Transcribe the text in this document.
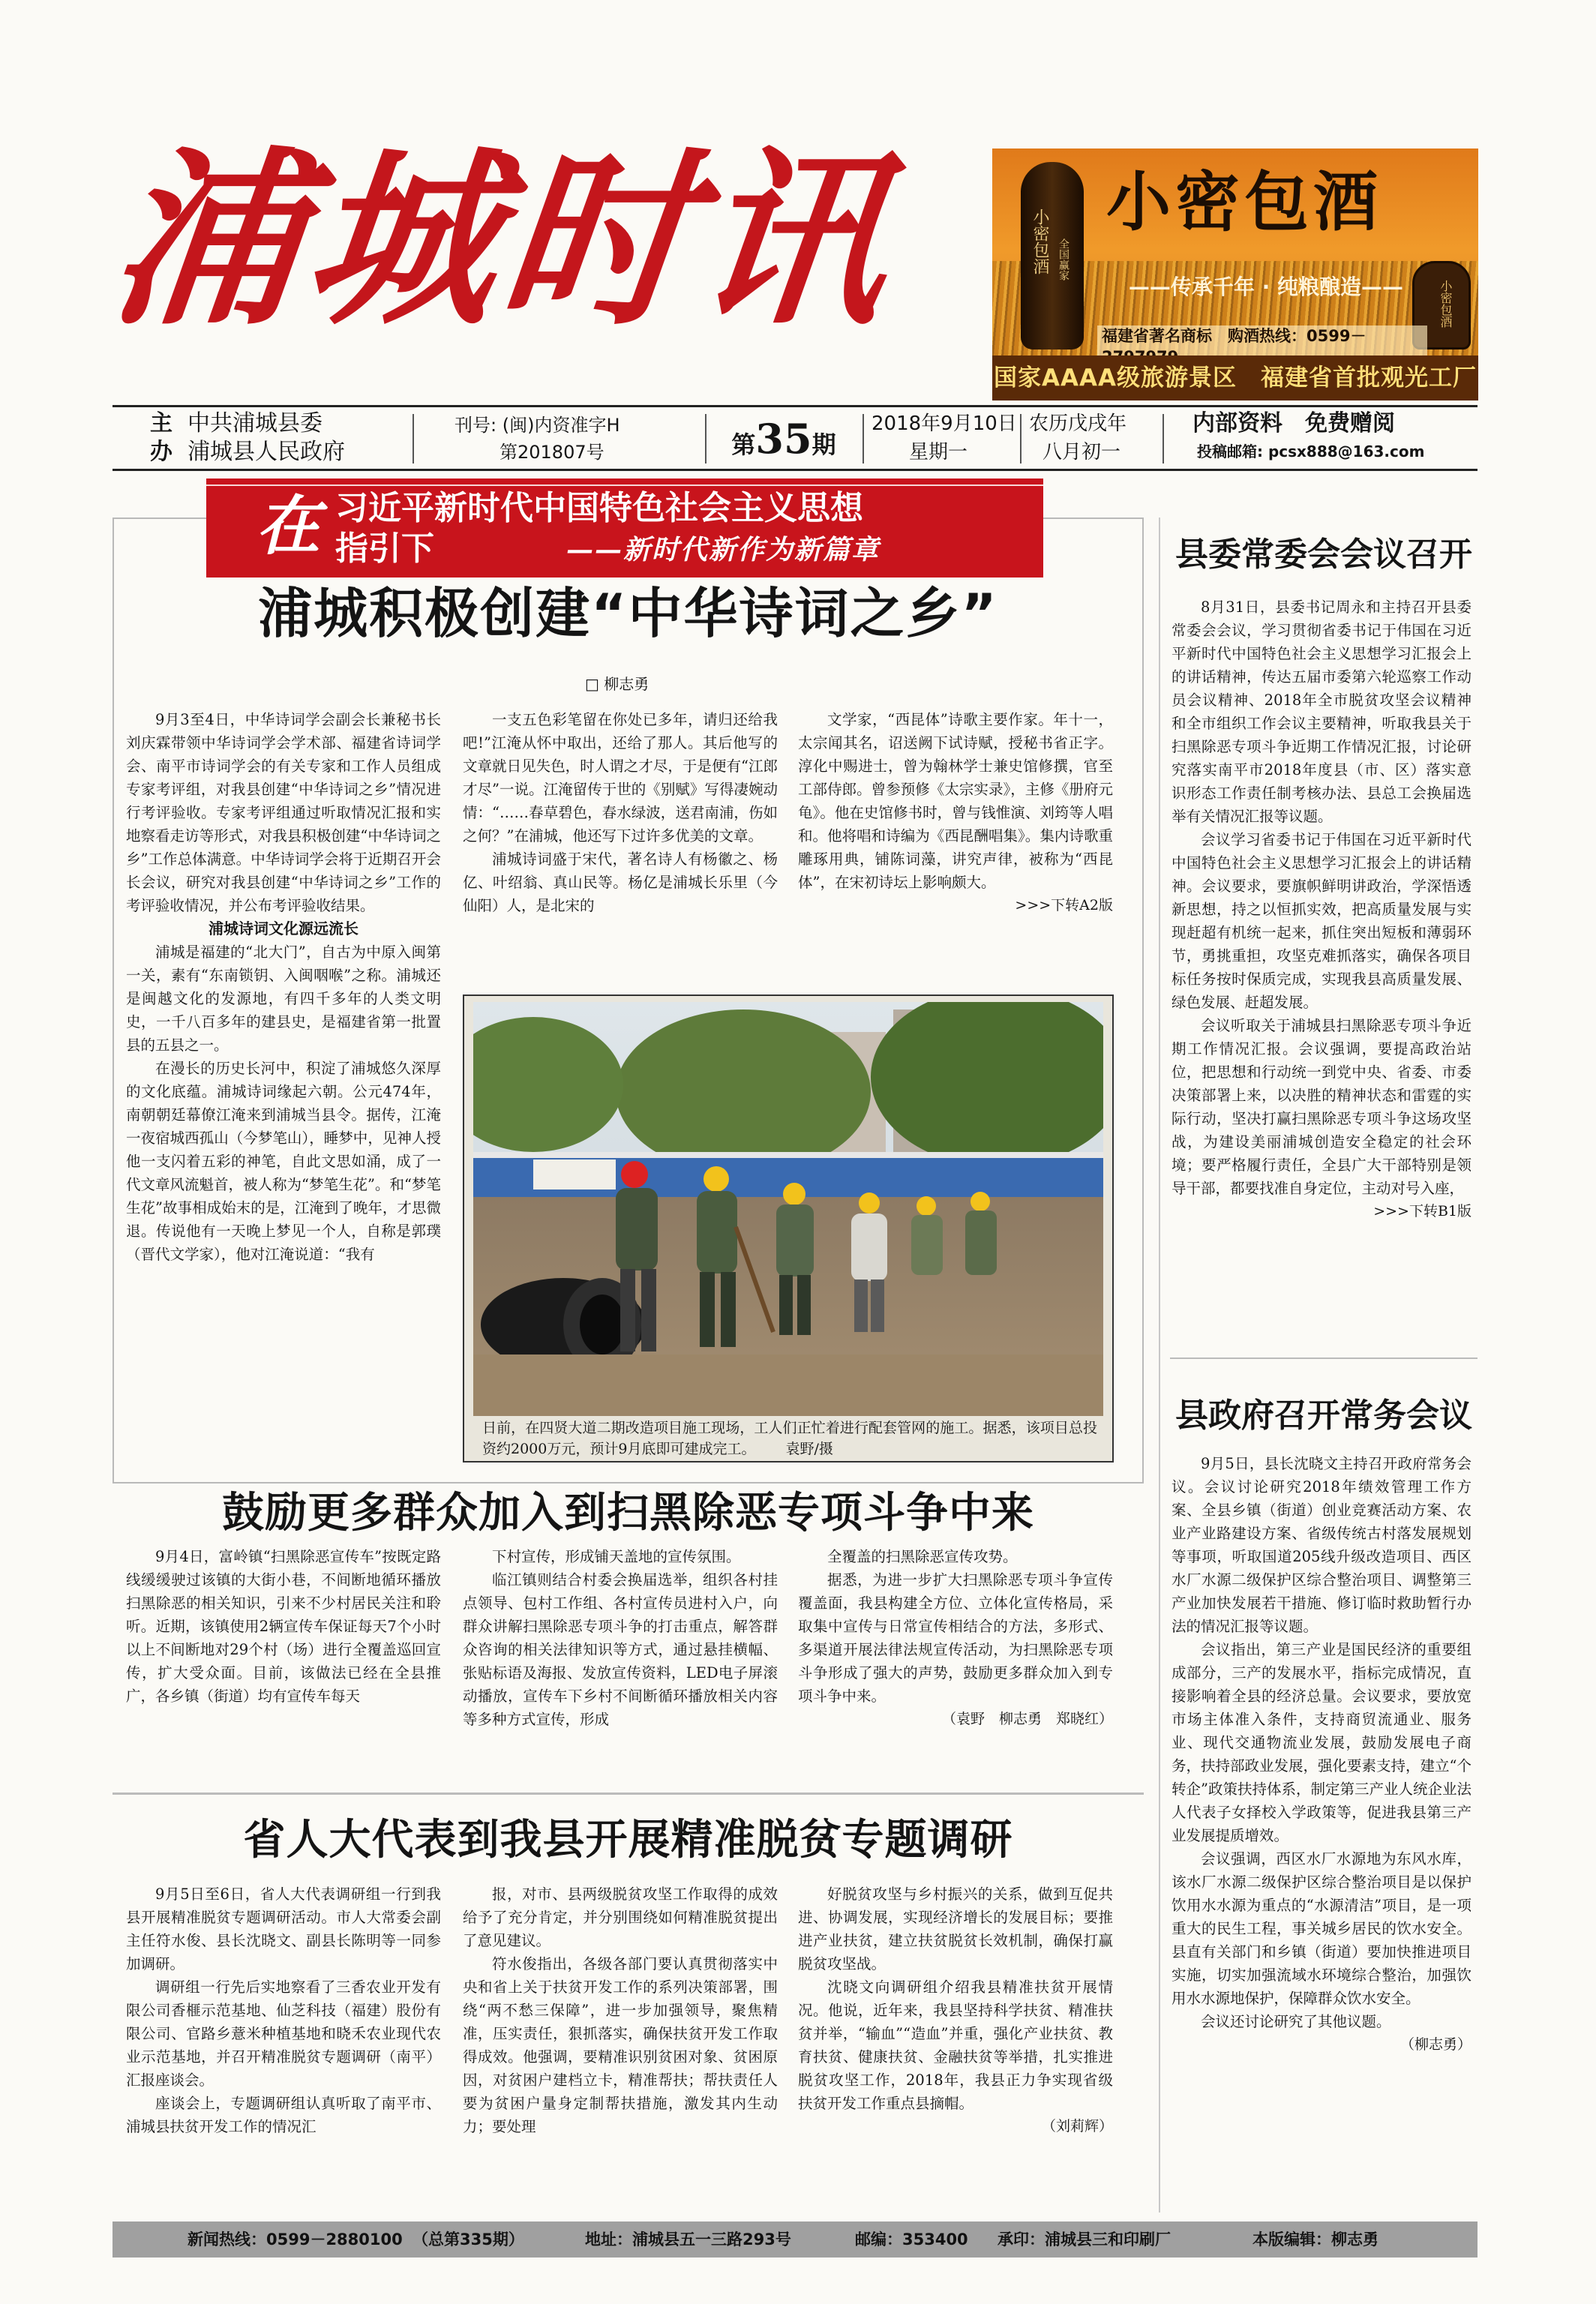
浦城时讯	小密包酒 全国赢家
小密包酒
——传承千年 · 纯粮酿造——	小密包酒
福建省著名商标　购酒热线：0599－
国家AAAA级旅游景区　福建省首批观光工厂
主
办
中共浦城县委
浦城县人民政府
刊号: (闽)内资准字H
第201807号	第35期
2018年9月10日
星期一
农历戊戌年
八月初一
内部资料　免费赠阅
投稿邮箱: pcsx888@163.com
在 习近平新时代中国特色社会主义思想
指引下	——新时代新作为新篇章
浦城积极创建“中华诗词之乡”
□ 柳志勇

9月3至4日，中华诗词学会副会长兼秘书长刘庆霖带领中华诗词学会学术部、福建省诗词学会、南平市诗词学会的有关专家和工作人员组成专家考评组，对我县创建“中华诗词之乡”情况进行考评验收。专家考评组通过听取情况汇报和实地察看走访等形式，对我县积极创建“中华诗词之乡”工作总体满意。中华诗词学会将于近期召开会长会议，研究对我县创建“中华诗词之乡”工作的考评验收情况，并公布考评验收结果。

浦城诗词文化源远流长

浦城是福建的“北大门”，自古为中原入闽第一关，素有“东南锁钥、入闽咽喉”之称。浦城还是闽越文化的发源地，有四千多年的人类文明史，一千八百多年的建县史，是福建省第一批置县的五县之一。

在漫长的历史长河中，积淀了浦城悠久深厚的文化底蕴。浦城诗词缘起六朝。公元474年，南朝朝廷幕僚江淹来到浦城当县令。据传，江淹一夜宿城西孤山（今梦笔山），睡梦中，见神人授他一支闪着五彩的神笔，自此文思如涌，成了一代文章风流魁首，被人称为“梦笔生花”。和“梦笔生花”故事相成始末的是，江淹到了晚年，才思微退。传说他有一天晚上梦见一个人，自称是郭璞（晋代文学家），他对江淹说道：“我有

一支五色彩笔留在你处已多年，请归还给我吧!”江淹从怀中取出，还给了那人。其后他写的文章就日见失色，时人谓之才尽，于是便有“江郎才尽”一说。江淹留传于世的《别赋》写得凄婉动情：“……春草碧色，春水绿波，送君南浦，伤如之何？”在浦城，他还写下过许多优美的文章。

浦城诗词盛于宋代，著名诗人有杨徽之、杨亿、叶绍翁、真山民等。杨亿是浦城长乐里（今仙阳）人，是北宋的

文学家，“西昆体”诗歌主要作家。年十一，太宗闻其名，诏送阙下试诗赋，授秘书省正字。淳化中赐进士，曾为翰林学士兼史馆修撰，官至工部侍郎。曾参预修《太宗实录》，主修《册府元龟》。他在史馆修书时，曾与钱惟演、刘筠等人唱和。他将唱和诗编为《西昆酬唱集》。集内诗歌重雕琢用典，铺陈词藻，讲究声律，被称为“西昆体”，在宋初诗坛上影响颇大。

>>>下转A2版
日前，在四贤大道二期改造项目施工现场，工人们正忙着进行配套管网的施工。据悉，该项目总投资约2000万元，预计9月底即可建成完工。 袁野/摄
鼓励更多群众加入到扫黑除恶专项斗争中来

9月4日，富岭镇“扫黑除恶宣传车”按既定路线缓缓驶过该镇的大街小巷，不间断地循环播放扫黑除恶的相关知识，引来不少村居民关注和聆听。近期，该镇使用2辆宣传车保证每天7个小时以上不间断地对29个村（场）进行全覆盖巡回宣传，扩大受众面。目前，该做法已经在全县推广，各乡镇（街道）均有宣传车每天

下村宣传，形成铺天盖地的宣传氛围。

临江镇则结合村委会换届选举，组织各村挂点领导、包村工作组、各村宣传员进村入户，向群众讲解扫黑除恶专项斗争的打击重点，解答群众咨询的相关法律知识等方式，通过悬挂横幅、张贴标语及海报、发放宣传资料，LED电子屏滚动播放，宣传车下乡村不间断循环播放相关内容等多种方式宣传，形成

全覆盖的扫黑除恶宣传攻势。

据悉，为进一步扩大扫黑除恶专项斗争宣传覆盖面，我县构建全方位、立体化宣传格局，采取集中宣传与日常宣传相结合的方法，多形式、多渠道开展法律法规宣传活动，为扫黑除恶专项斗争形成了强大的声势，鼓励更多群众加入到专项斗争中来。

（袁野　柳志勇　郑晓红）
省人大代表到我县开展精准脱贫专题调研

9月5日至6日，省人大代表调研组一行到我县开展精准脱贫专题调研活动。市人大常委会副主任符水俊、县长沈晓文、副县长陈明等一同参加调研。

调研组一行先后实地察看了三香农业开发有限公司香榧示范基地、仙芝科技（福建）股份有限公司、官路乡薏米种植基地和晓禾农业现代农业示范基地，并召开精准脱贫专题调研（南平）汇报座谈会。

座谈会上，专题调研组认真听取了南平市、浦城县扶贫开发工作的情况汇

报，对市、县两级脱贫攻坚工作取得的成效给予了充分肯定，并分别围绕如何精准脱贫提出了意见建议。

符水俊指出，各级各部门要认真贯彻落实中央和省上关于扶贫开发工作的系列决策部署，围绕“两不愁三保障”，进一步加强领导，聚焦精准，压实责任，狠抓落实，确保扶贫开发工作取得成效。他强调，要精准识别贫困对象、贫困原因，对贫困户建档立卡，精准帮扶；帮扶责任人要为贫困户量身定制帮扶措施，激发其内生动力；要处理

好脱贫攻坚与乡村振兴的关系，做到互促共进、协调发展，实现经济增长的发展目标；要推进产业扶贫，建立扶贫脱贫长效机制，确保打赢脱贫攻坚战。

沈晓文向调研组介绍我县精准扶贫开展情况。他说，近年来，我县坚持科学扶贫、精准扶贫并举，“输血”“造血”并重，强化产业扶贫、教育扶贫、健康扶贫、金融扶贫等举措，扎实推进脱贫攻坚工作，2018年，我县正力争实现省级扶贫开发工作重点县摘帽。

（刘莉辉）
县委常委会会议召开

8月31日，县委书记周永和主持召开县委常委会会议，学习贯彻省委书记于伟国在习近平新时代中国特色社会主义思想学习汇报会上的讲话精神，传达五届市委第六轮巡察工作动员会议精神、2018年全市脱贫攻坚会议精神和全市组织工作会议主要精神，听取我县关于扫黑除恶专项斗争近期工作情况汇报，讨论研究落实南平市2018年度县（市、区）落实意识形态工作责任制考核办法、县总工会换届选举有关情况汇报等议题。

会议学习省委书记于伟国在习近平新时代中国特色社会主义思想学习汇报会上的讲话精神。会议要求，要旗帜鲜明讲政治，学深悟透新思想，持之以恒抓实效，把高质量发展与实现赶超有机统一起来，抓住突出短板和薄弱环节，勇挑重担，攻坚克难抓落实，确保各项目标任务按时保质完成，实现我县高质量发展、绿色发展、赶超发展。

会议听取关于浦城县扫黑除恶专项斗争近期工作情况汇报。会议强调，要提高政治站位，把思想和行动统一到党中央、省委、市委决策部署上来，以决胜的精神状态和雷霆的实际行动，坚决打赢扫黑除恶专项斗争这场攻坚战，为建设美丽浦城创造安全稳定的社会环境；要严格履行责任，全县广大干部特别是领导干部，都要找准自身定位，主动对号入座，

>>>下转B1版
县政府召开常务会议

9月5日，县长沈晓文主持召开政府常务会议。会议讨论研究2018年绩效管理工作方案、全县乡镇（街道）创业竞赛活动方案、农业产业路建设方案、省级传统古村落发展规划等事项，听取国道205线升级改造项目、西区水厂水源二级保护区综合整治项目、调整第三产业加快发展若干措施、修订临时救助暂行办法的情况汇报等议题。

会议指出，第三产业是国民经济的重要组成部分，三产的发展水平，指标完成情况，直接影响着全县的经济总量。会议要求，要放宽市场主体准入条件，支持商贸流通业、服务业、现代交通物流业发展，鼓励发展电子商务，扶持部政业发展，强化要素支持，建立“个转企”政策扶持体系，制定第三产业人统企业法人代表子女择校入学政策等，促进我县第三产业发展提质增效。

会议强调，西区水厂水源地为东风水库，该水厂水源二级保护区综合整治项目是以保护饮用水水源为重点的“水源清洁”项目，是一项重大的民生工程，事关城乡居民的饮水安全。县直有关部门和乡镇（街道）要加快推进项目实施，切实加强流域水环境综合整治，加强饮用水水源地保护，保障群众饮水安全。

会议还讨论研究了其他议题。

（柳志勇）
新闻热线：0599－2880100 （总第335期）	地址：浦城县五一三路293号	邮编：353400 承印：浦城县三和印刷厂	本版编辑：柳志勇
